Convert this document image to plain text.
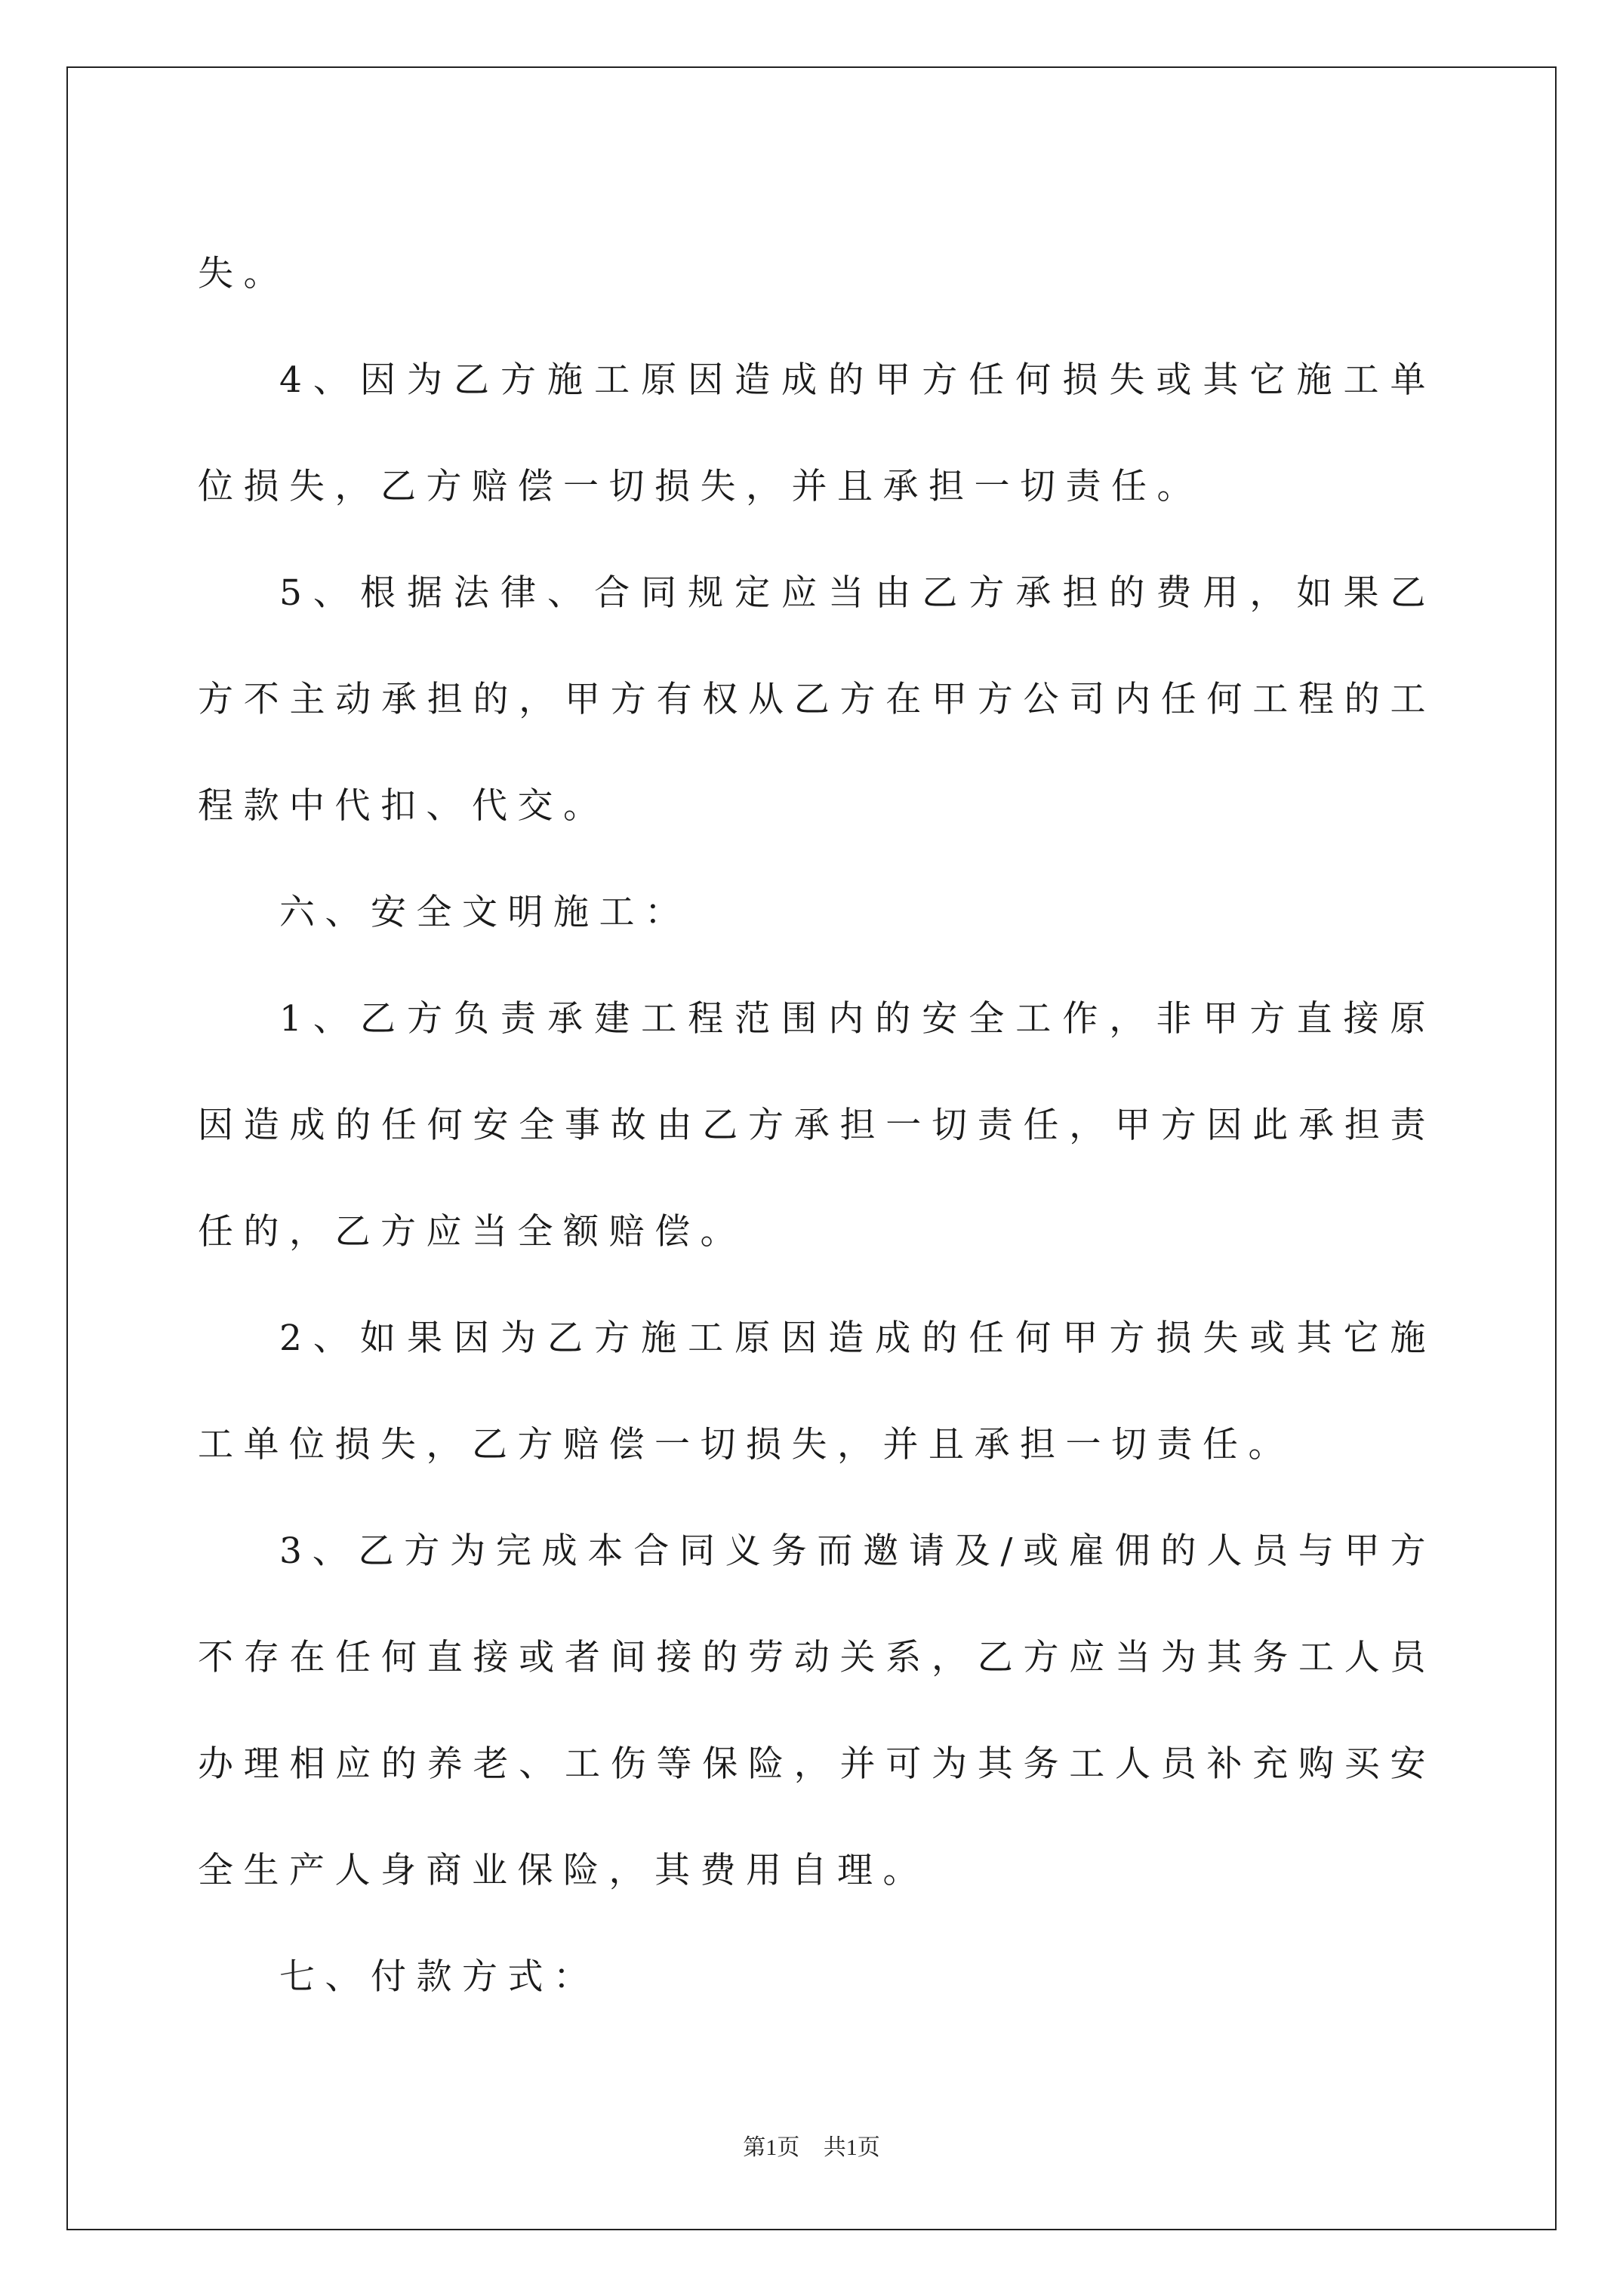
失。

4、因为乙方施工原因造成的甲方任何损失或其它施工单位损失，乙方赔偿一切损失，并且承担一切责任。

5、根据法律、合同规定应当由乙方承担的费用，如果乙方不主动承担的，甲方有权从乙方在甲方公司内任何工程的工程款中代扣、代交。

六、安全文明施工：

1、乙方负责承建工程范围内的安全工作，非甲方直接原因造成的任何安全事故由乙方承担一切责任，甲方因此承担责任的，乙方应当全额赔偿。

2、如果因为乙方施工原因造成的任何甲方损失或其它施工单位损失，乙方赔偿一切损失，并且承担一切责任。

3、乙方为完成本合同义务而邀请及/或雇佣的人员与甲方不存在任何直接或者间接的劳动关系，乙方应当为其务工人员办理相应的养老、工伤等保险，并可为其务工人员补充购买安全生产人身商业保险，其费用自理。

七、付款方式：

第1页 共1页
